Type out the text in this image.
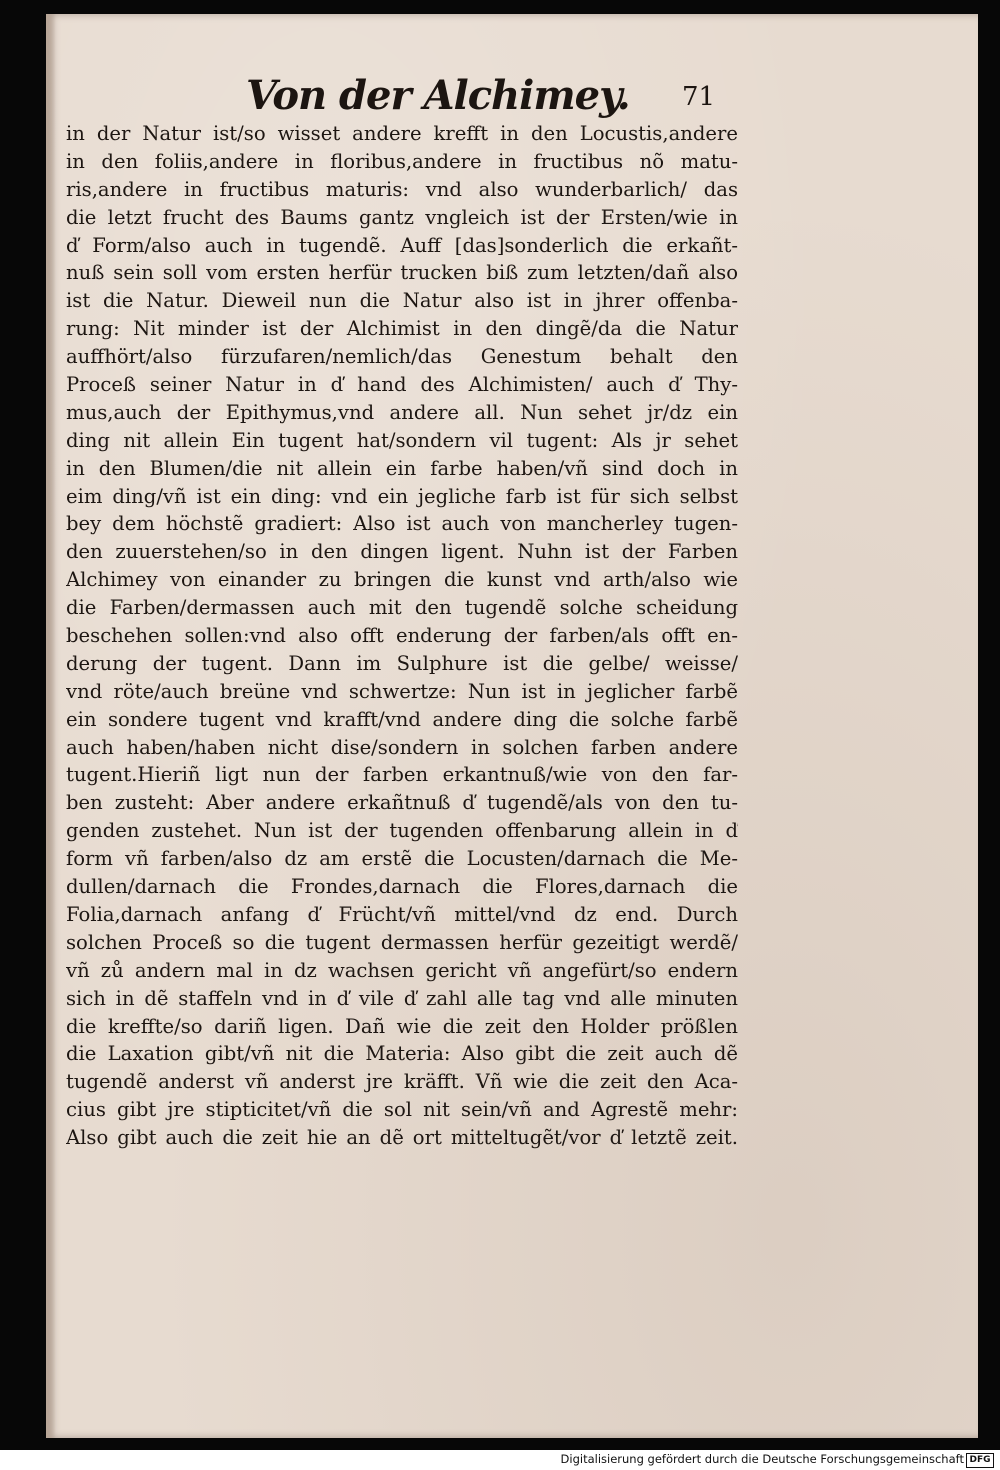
Von der Alchimey. 71
in der Natur ist/so wisset andere krefft in den Locustis,andere
in den foliis,andere in floribus,andere in fructibus nõ matu-
ris,andere in fructibus maturis: vnd also wunderbarlich/ das
die letzt frucht des Baums gantz vngleich ist der Ersten/wie in
ď Form/also auch in tugendẽ. Auff [das]sonderlich die erkañt-
nuß sein soll vom ersten herfür trucken biß zum letzten/dañ also
ist die Natur. Dieweil nun die Natur also ist in jhrer offenba-
rung: Nit minder ist der Alchimist in den dingẽ/da die Natur
auffhört/also fürzufaren/nemlich/das Genestum behalt den
Proceß seiner Natur in ď hand des Alchimisten/ auch ď Thy-
mus,auch der Epithymus,vnd andere all. Nun sehet jr/dz ein
ding nit allein Ein tugent hat/sondern vil tugent: Als jr sehet
in den Blumen/die nit allein ein farbe haben/vñ sind doch in
eim ding/vñ ist ein ding: vnd ein jegliche farb ist für sich selbst
bey dem höchstẽ gradiert: Also ist auch von mancherley tugen-
den zuuerstehen/so in den dingen ligent. Nuhn ist der Farben
Alchimey von einander zu bringen die kunst vnd arth/also wie
die Farben/dermassen auch mit den tugendẽ solche scheidung
beschehen sollen:vnd also offt enderung der farben/als offt en-
derung der tugent. Dann im Sulphure ist die gelbe/ weisse/
vnd röte/auch breüne vnd schwertze: Nun ist in jeglicher farbẽ
ein sondere tugent vnd krafft/vnd andere ding die solche farbẽ
auch haben/haben nicht dise/sondern in solchen farben andere
tugent.Hieriñ ligt nun der farben erkantnuß/wie von den far-
ben zusteht: Aber andere erkañtnuß ď tugendẽ/als von den tu-
genden zustehet. Nun ist der tugenden offenbarung allein in ď
form vñ farben/also dz am erstẽ die Locusten/darnach die Me-
dullen/darnach die Frondes,darnach die Flores,darnach die
Folia,darnach anfang ď Frücht/vñ mittel/vnd dz end. Durch
solchen Proceß so die tugent dermassen herfür gezeitigt werdẽ/
vñ zů andern mal in dz wachsen gericht vñ angefürt/so endern
sich in dẽ staffeln vnd in ď vile ď zahl alle tag vnd alle minuten
die kreffte/so dariñ ligen. Dañ wie die zeit den Holder prößlen
die Laxation gibt/vñ nit die Materia: Also gibt die zeit auch dẽ
tugendẽ anderst vñ anderst jre kräfft. Vñ wie die zeit den Aca-
cius gibt jre stipticitet/vñ die sol nit sein/vñ and Agrestẽ mehr:
Also gibt auch die zeit hie an dẽ ort mitteltugẽt/vor ď letztẽ zeit.
Digitalisierung gefördert durch die Deutsche Forschungsgemeinschaft DFG
